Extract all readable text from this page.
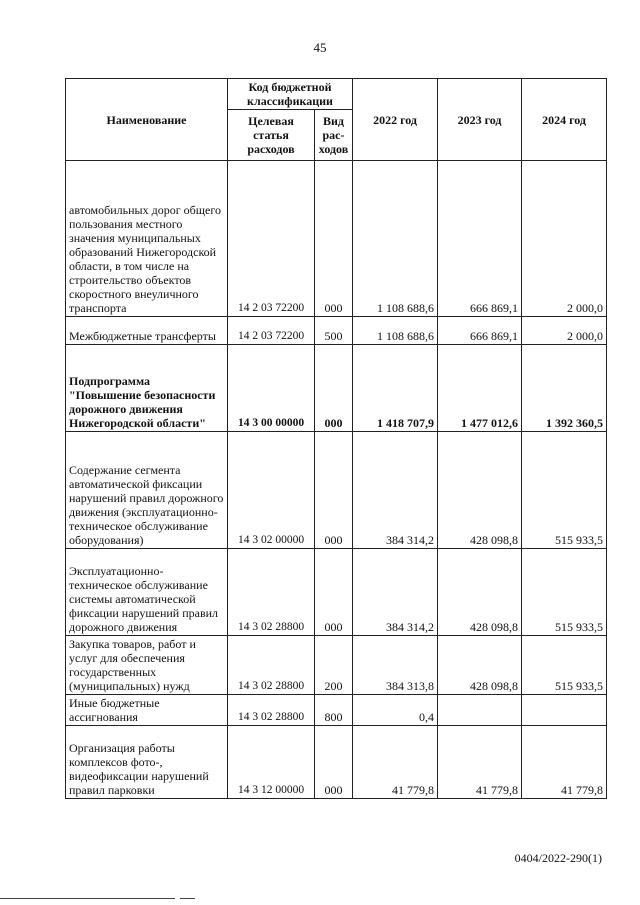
45
Наименование	Код бюджетной классификации		2022 год	2023 год	2024 год
	Целевая статья расходов	Вид рас-ходов			
автомобильных дорог общего пользования местного значения муниципальных образований Нижегородской области, в том числе на строительство объектов скоростного внеуличного транспорта	14 2 03 72200	000	1 108 688,6	666 869,1	2 000,0
Межбюджетные трансферты	14 2 03 72200	500	1 108 688,6	666 869,1	2 000,0
Подпрограмма "Повышение безопасности дорожного движения Нижегородской области"	14 3 00 00000	000	1 418 707,9	1 477 012,6	1 392 360,5
Содержание сегмента автоматической фиксации нарушений правил дорожного движения (эксплуатационно-техническое обслуживание оборудования)	14 3 02 00000	000	384 314,2	428 098,8	515 933,5
Эксплуатационно-техническое обслуживание системы автоматической фиксации нарушений правил дорожного движения	14 3 02 28800	000	384 314,2	428 098,8	515 933,5
Закупка товаров, работ и услуг для обеспечения государственных (муниципальных) нужд	14 3 02 28800	200	384 313,8	428 098,8	515 933,5
Иные бюджетные ассигнования	14 3 02 28800	800	0,4		
Организация работы комплексов фото-, видеофиксации нарушений правил парковки	14 3 12 00000	000	41 779,8	41 779,8	41 779,8
0404/2022-290(1)
